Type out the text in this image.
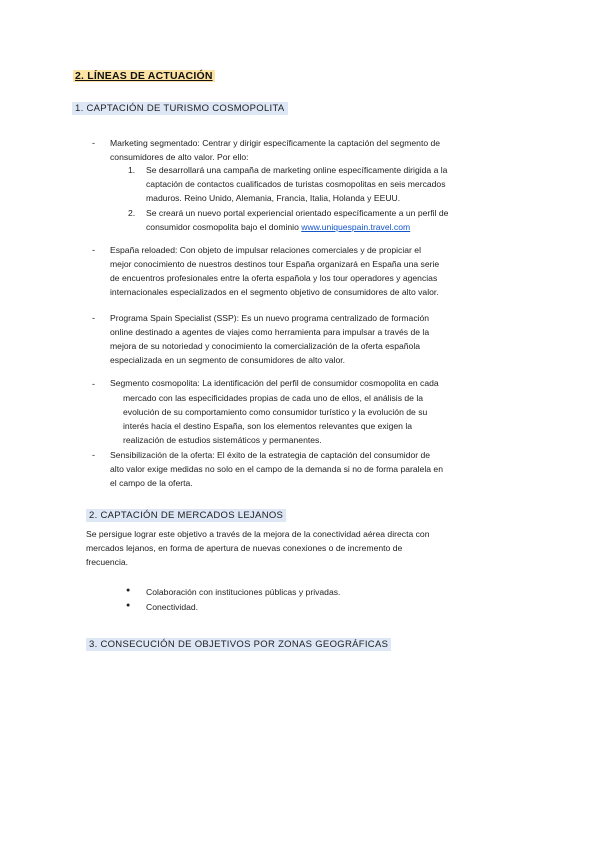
2. LÍNEAS DE ACTUACIÓN
1. CAPTACIÓN DE TURISMO COSMOPOLITA
- Marketing segmentado: Centrar y dirigir específicamente la captación del segmento de
consumidores de alto valor. Por ello:
1. Se desarrollará una campaña de marketing online específicamente dirigida a la
captación de contactos cualificados de turistas cosmopolitas en seis mercados
maduros. Reino Unido, Alemania, Francia, Italia, Holanda y EEUU.
2. Se creará un nuevo portal experiencial orientado específicamente a un perfil de
consumidor cosmopolita bajo el dominio www.uniquespain.travel.com
- España reloaded: Con objeto de impulsar relaciones comerciales y de propiciar el
mejor conocimiento de nuestros destinos tour España organizará en España una serie
de encuentros profesionales entre la oferta española y los tour operadores y agencias
internacionales especializados en el segmento objetivo de consumidores de alto valor.
- Programa Spain Specialist (SSP): Es un nuevo programa centralizado de formación
online destinado a agentes de viajes como herramienta para impulsar a través de la
mejora de su notoriedad y conocimiento la comercialización de la oferta española
especializada en un segmento de consumidores de alto valor.
- Segmento cosmopolita: La identificación del perfil de consumidor cosmopolita en cada
mercado con las especificidades propias de cada uno de ellos, el análisis de la
evolución de su comportamiento como consumidor turístico y la evolución de su
interés hacia el destino España, son los elementos relevantes que exigen la
realización de estudios sistemáticos y permanentes.
- Sensibilización de la oferta: El éxito de la estrategia de captación del consumidor de
alto valor exige medidas no solo en el campo de la demanda si no de forma paralela en
el campo de la oferta.
2. CAPTACIÓN DE MERCADOS LEJANOS
Se persigue lograr este objetivo a través de la mejora de la conectividad aérea directa con
mercados lejanos, en forma de apertura de nuevas conexiones o de incremento de
frecuencia.
● Colaboración con instituciones públicas y privadas.
● Conectividad.
3. CONSECUCIÓN DE OBJETIVOS POR ZONAS GEOGRÁFICAS
